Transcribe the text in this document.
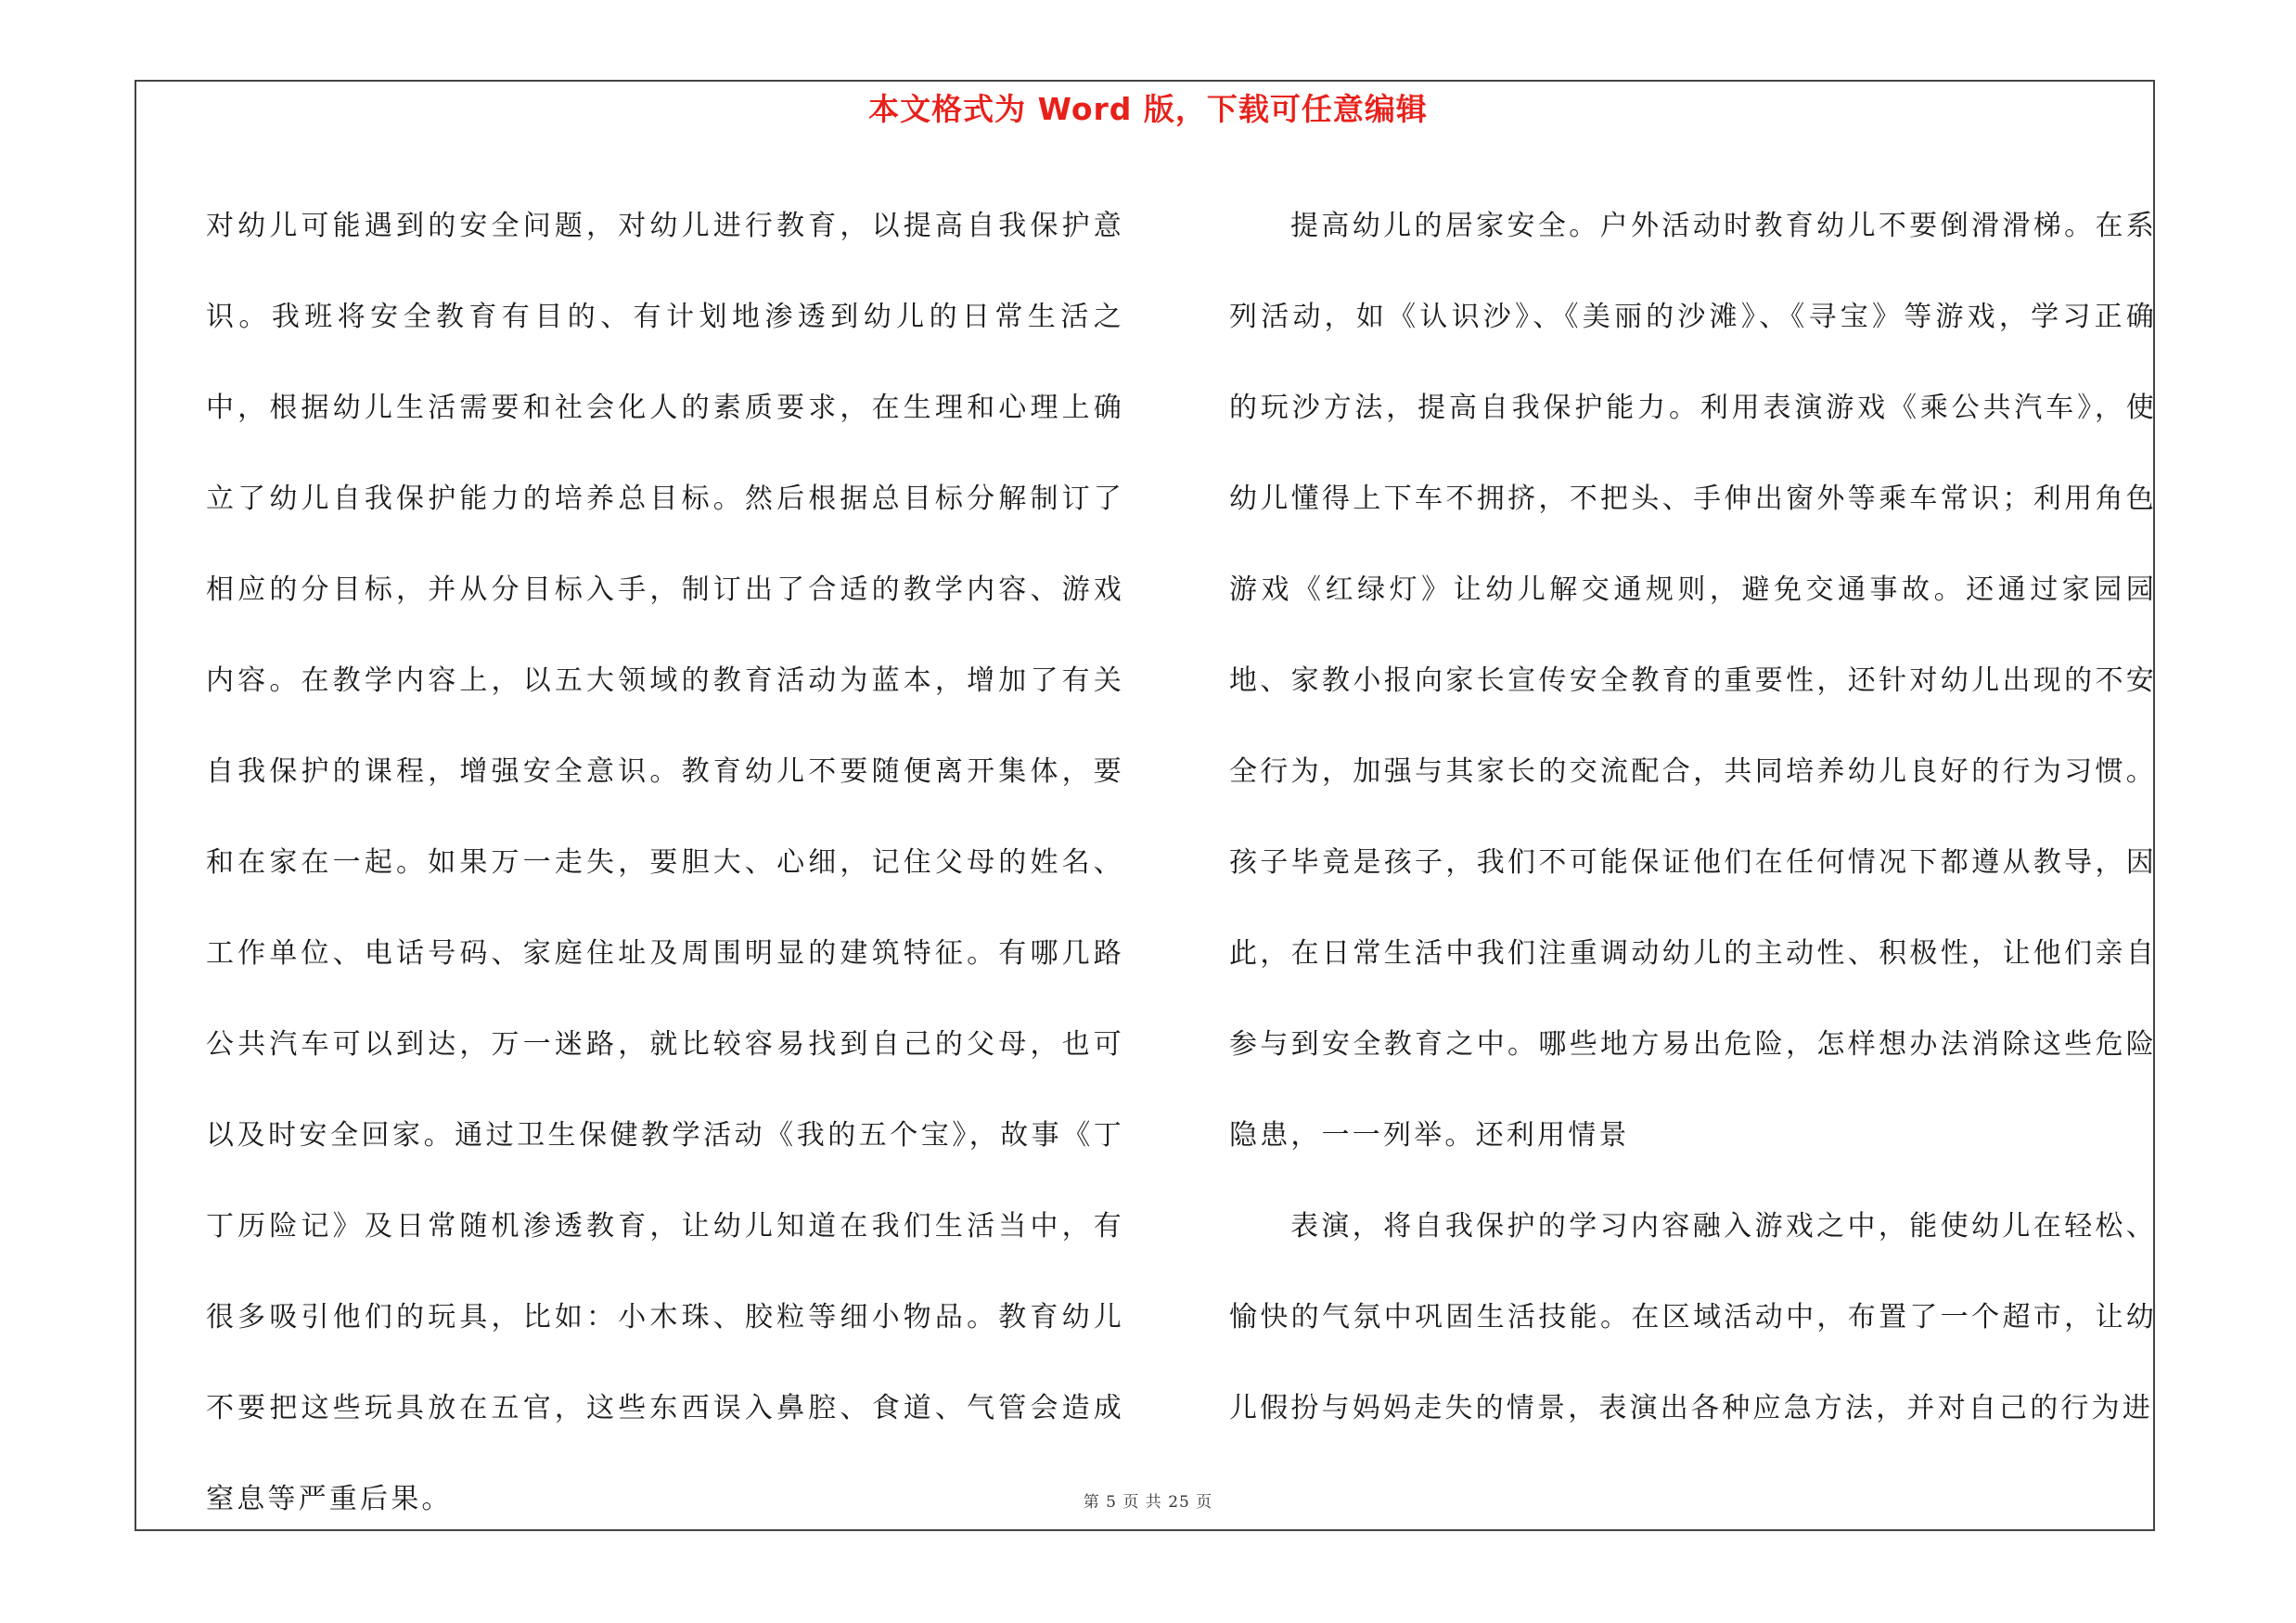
本文格式为 Word 版，下载可任意编辑

对幼儿可能遇到的安全问题，对幼儿进行教育，以提高自我保护意识。我班将安全教育有目的、有计划地渗透到幼儿的日常生活之中，根据幼儿生活需要和社会化人的素质要求，在生理和心理上确立了幼儿自我保护能力的培养总目标。然后根据总目标分解制订了相应的分目标，并从分目标入手，制订出了合适的教学内容、游戏内容。在教学内容上，以五大领域的教育活动为蓝本，增加了有关自我保护的课程，增强安全意识。教育幼儿不要随便离开集体，要和在家在一起。如果万一走失，要胆大、心细，记住父母的姓名、工作单位、电话号码、家庭住址及周围明显的建筑特征。有哪几路公共汽车可以到达，万一迷路，就比较容易找到自己的父母，也可以及时安全回家。通过卫生保健教学活动《我的五个宝》，故事《丁丁历险记》及日常随机渗透教育，让幼儿知道在我们生活当中，有很多吸引他们的玩具，比如：小木珠、胶粒等细小物品。教育幼儿不要把这些玩具放在五官，这些东西误入鼻腔、食道、气管会造成窒息等严重后果。

提高幼儿的居家安全。户外活动时教育幼儿不要倒滑滑梯。在系列活动，如《认识沙》、《美丽的沙滩》、《寻宝》等游戏，学习正确的玩沙方法，提高自我保护能力。利用表演游戏《乘公共汽车》，使幼儿懂得上下车不拥挤，不把头、手伸出窗外等乘车常识；利用角色游戏《红绿灯》让幼儿解交通规则，避免交通事故。还通过家园园地、家教小报向家长宣传安全教育的重要性，还针对幼儿出现的不安全行为，加强与其家长的交流配合，共同培养幼儿良好的行为习惯。孩子毕竟是孩子，我们不可能保证他们在任何情况下都遵从教导，因此，在日常生活中我们注重调动幼儿的主动性、积极性，让他们亲自参与到安全教育之中。哪些地方易出危险，怎样想办法消除这些危险隐患，一一列举。还利用情景

表演，将自我保护的学习内容融入游戏之中，能使幼儿在轻松、愉快的气氛中巩固生活技能。在区域活动中，布置了一个超市，让幼儿假扮与妈妈走失的情景，表演出各种应急方法，并对自己的行为进

第 5 页 共 25 页
